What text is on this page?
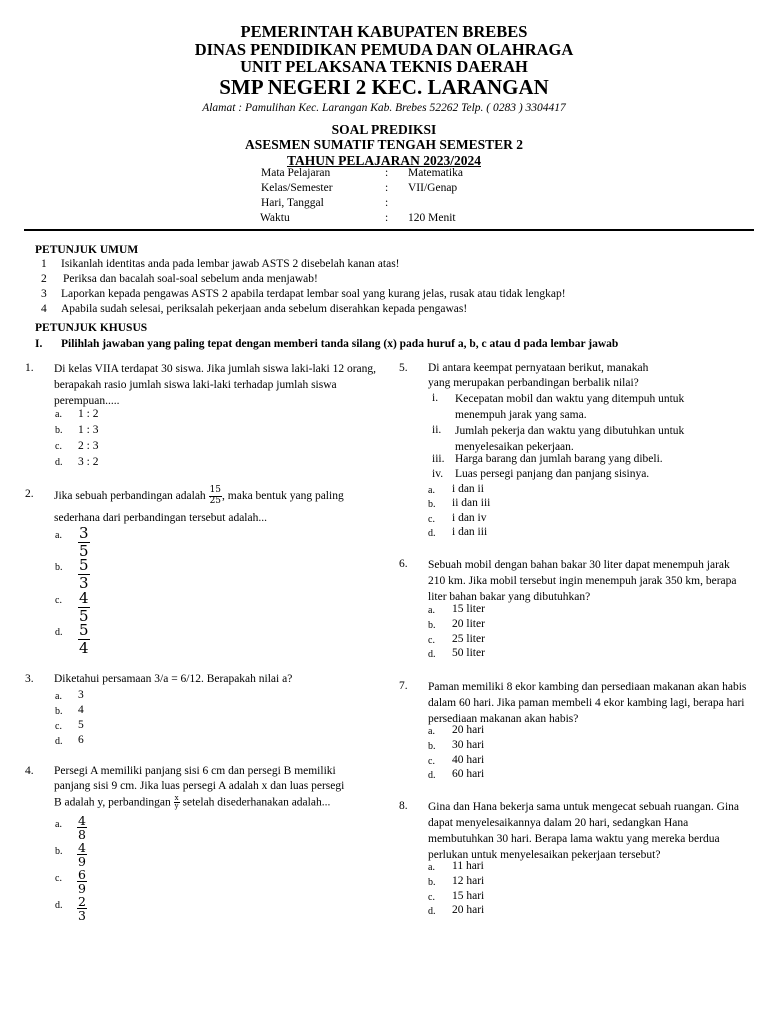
PEMERINTAH KABUPATEN BREBES
DINAS PENDIDIKAN PEMUDA DAN OLAHRAGA
UNIT PELAKSANA TEKNIS DAERAH
SMP NEGERI 2 KEC. LARANGAN
Alamat : Pamulihan Kec. Larangan Kab. Brebes 52262 Telp. ( 0283 ) 3304417
SOAL PREDIKSI
ASESMEN SUMATIF TENGAH SEMESTER 2
TAHUN PELAJARAN 2023/2024
Mata Pelajaran	: Matematika
Kelas/Semester	: VII/Genap
Hari, Tanggal	:
Waktu	: 120 Menit
PETUNJUK UMUM
1 Isikanlah identitas anda pada lembar jawab ASTS 2 disebelah kanan atas!
2 Periksa dan bacalah soal-soal sebelum anda menjawab!
3 Laporkan kepada pengawas ASTS 2 apabila terdapat lembar soal yang kurang jelas, rusak atau tidak lengkap!
4 Apabila sudah selesai, periksalah pekerjaan anda sebelum diserahkan kepada pengawas!
PETUNJUK KHUSUS
I. Pilihlah jawaban yang paling tepat dengan memberi tanda silang (x) pada huruf a, b, c atau d pada lembar jawab
1. Di kelas VIIA terdapat 30 siswa. Jika jumlah siswa laki-laki 12 orang, berapakah rasio jumlah siswa laki-laki terhadap jumlah siswa perempuan.....
a. 1 : 2
b. 1 : 3
c. 2 : 3
d. 3 : 2
2. Jika sebuah perbandingan adalah $\frac{15}{25}$ , maka bentuk yang paling
sederhana dari perbandingan tersebut adalah...
a. $\frac{3}{5}$
b. $\frac{5}{3}$
c. $\frac{4}{5}$
d. $\frac{5}{4}$
3. Diketahui persamaan 3/a = 6/12. Berapakah nilai a?
a. 3
b. 4
c. 5
d. 6
4. Persegi A memiliki panjang sisi 6 cm dan persegi B memiliki
panjang sisi 9 cm. Jika luas persegi A adalah x dan luas persegi
B adalah y, perbandingan $\frac{x}{y}$ setelah disederhanakan adalah...
a. $\frac{4}{8}$
b. $\frac{4}{9}$
c. $\frac{6}{9}$
d. $\frac{2}{3}$
5. Di antara keempat pernyataan berikut, manakah
yang merupakan perbandingan berbalik nilai?
i. Kecepatan mobil dan waktu yang ditempuh untuk menempuh jarak yang sama.
ii. Jumlah pekerja dan waktu yang dibutuhkan untuk menyelesaikan pekerjaan.
iii. Harga barang dan jumlah barang yang dibeli.
iv. Luas persegi panjang dan panjang sisinya.
a. i dan ii
b. ii dan iii
c. i dan iv
d. i dan iii
6. Sebuah mobil dengan bahan bakar 30 liter dapat menempuh jarak 210 km. Jika mobil tersebut ingin menempuh jarak 350 km, berapa liter bahan bakar yang dibutuhkan?
a. 15 liter
b. 20 liter
c. 25 liter
d. 50 liter
7. Paman memiliki 8 ekor kambing dan persediaan makanan akan habis dalam 60 hari. Jika paman membeli 4 ekor kambing lagi, berapa hari persediaan makanan akan habis?
a. 20 hari
b. 30 hari
c. 40 hari
d. 60 hari
8. Gina dan Hana bekerja sama untuk mengecat sebuah ruangan. Gina dapat menyelesaikannya dalam 20 hari, sedangkan Hana membutuhkan 30 hari. Berapa lama waktu yang mereka berdua perlukan untuk menyelesaikan pekerjaan tersebut?
a. 11 hari
b. 12 hari
c. 15 hari
d. 20 hari
